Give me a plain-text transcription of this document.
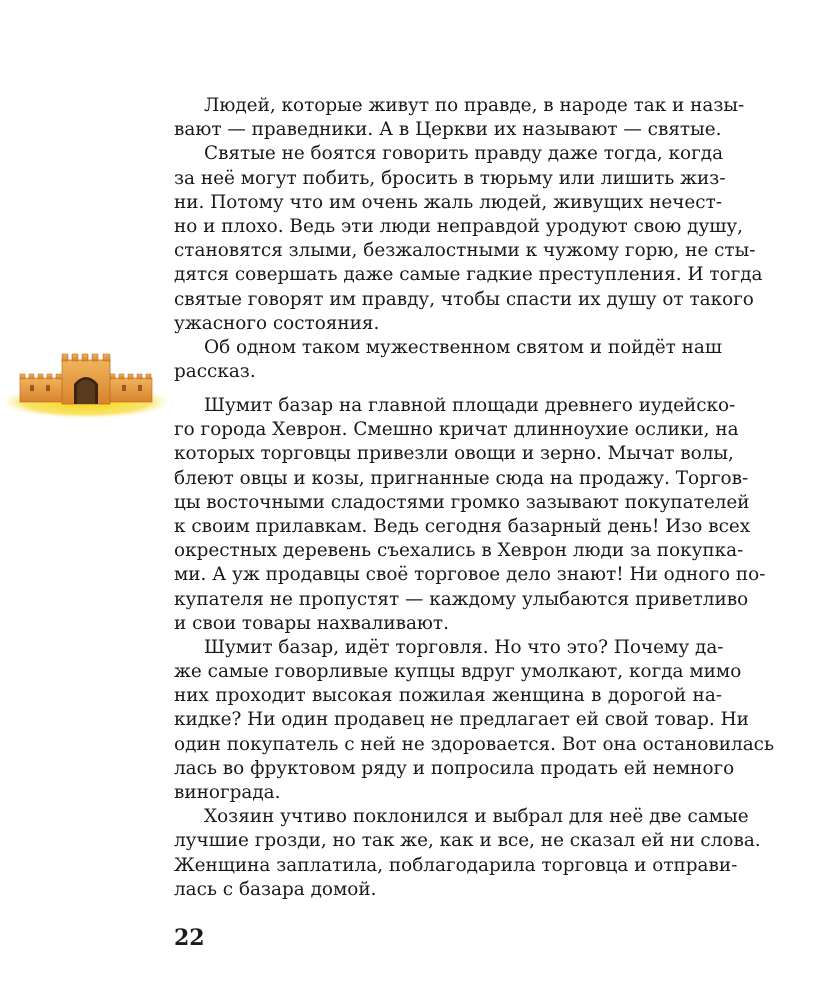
Людей, которые живут по правде, в народе так и назы-
вают — праведники. А в Церкви их называют — святые.
Святые не боятся говорить правду даже тогда, когда
за неё могут побить, бросить в тюрьму или лишить жиз-
ни. Потому что им очень жаль людей, живущих нечест-
но и плохо. Ведь эти люди неправдой уродуют свою душу,
становятся злыми, безжалостными к чужому горю, не сты-
дятся совершать даже самые гадкие преступления. И тогда
святые говорят им правду, чтобы спасти их душу от такого
ужасного состояния.
Об одном таком мужественном святом и пойдёт наш
рассказ.
Шумит базар на главной площади древнего иудейско-
го города Хеврон. Смешно кричат длинноухие ослики, на
которых торговцы привезли овощи и зерно. Мычат волы,
блеют овцы и козы, пригнанные сюда на продажу. Торгов-
цы восточными сладостями громко зазывают покупателей
к своим прилавкам. Ведь сегодня базарный день! Изо всех
окрестных деревень съехались в Хеврон люди за покупка-
ми. А уж продавцы своё торговое дело знают! Ни одного по-
купателя не пропустят — каждому улыбаются приветливо
и свои товары нахваливают.
Шумит базар, идёт торговля. Но что это? Почему да-
же самые говорливые купцы вдруг умолкают, когда мимо
них проходит высокая пожилая женщина в дорогой на-
кидке? Ни один продавец не предлагает ей свой товар. Ни
один покупатель с ней не здоровается. Вот она остановилась
лась во фруктовом ряду и попросила продать ей немного
винограда.
Хозяин учтиво поклонился и выбрал для неё две самые
лучшие грозди, но так же, как и все, не сказал ей ни слова.
Женщина заплатила, поблагодарила торговца и отправи-
лась с базара домой.
22
